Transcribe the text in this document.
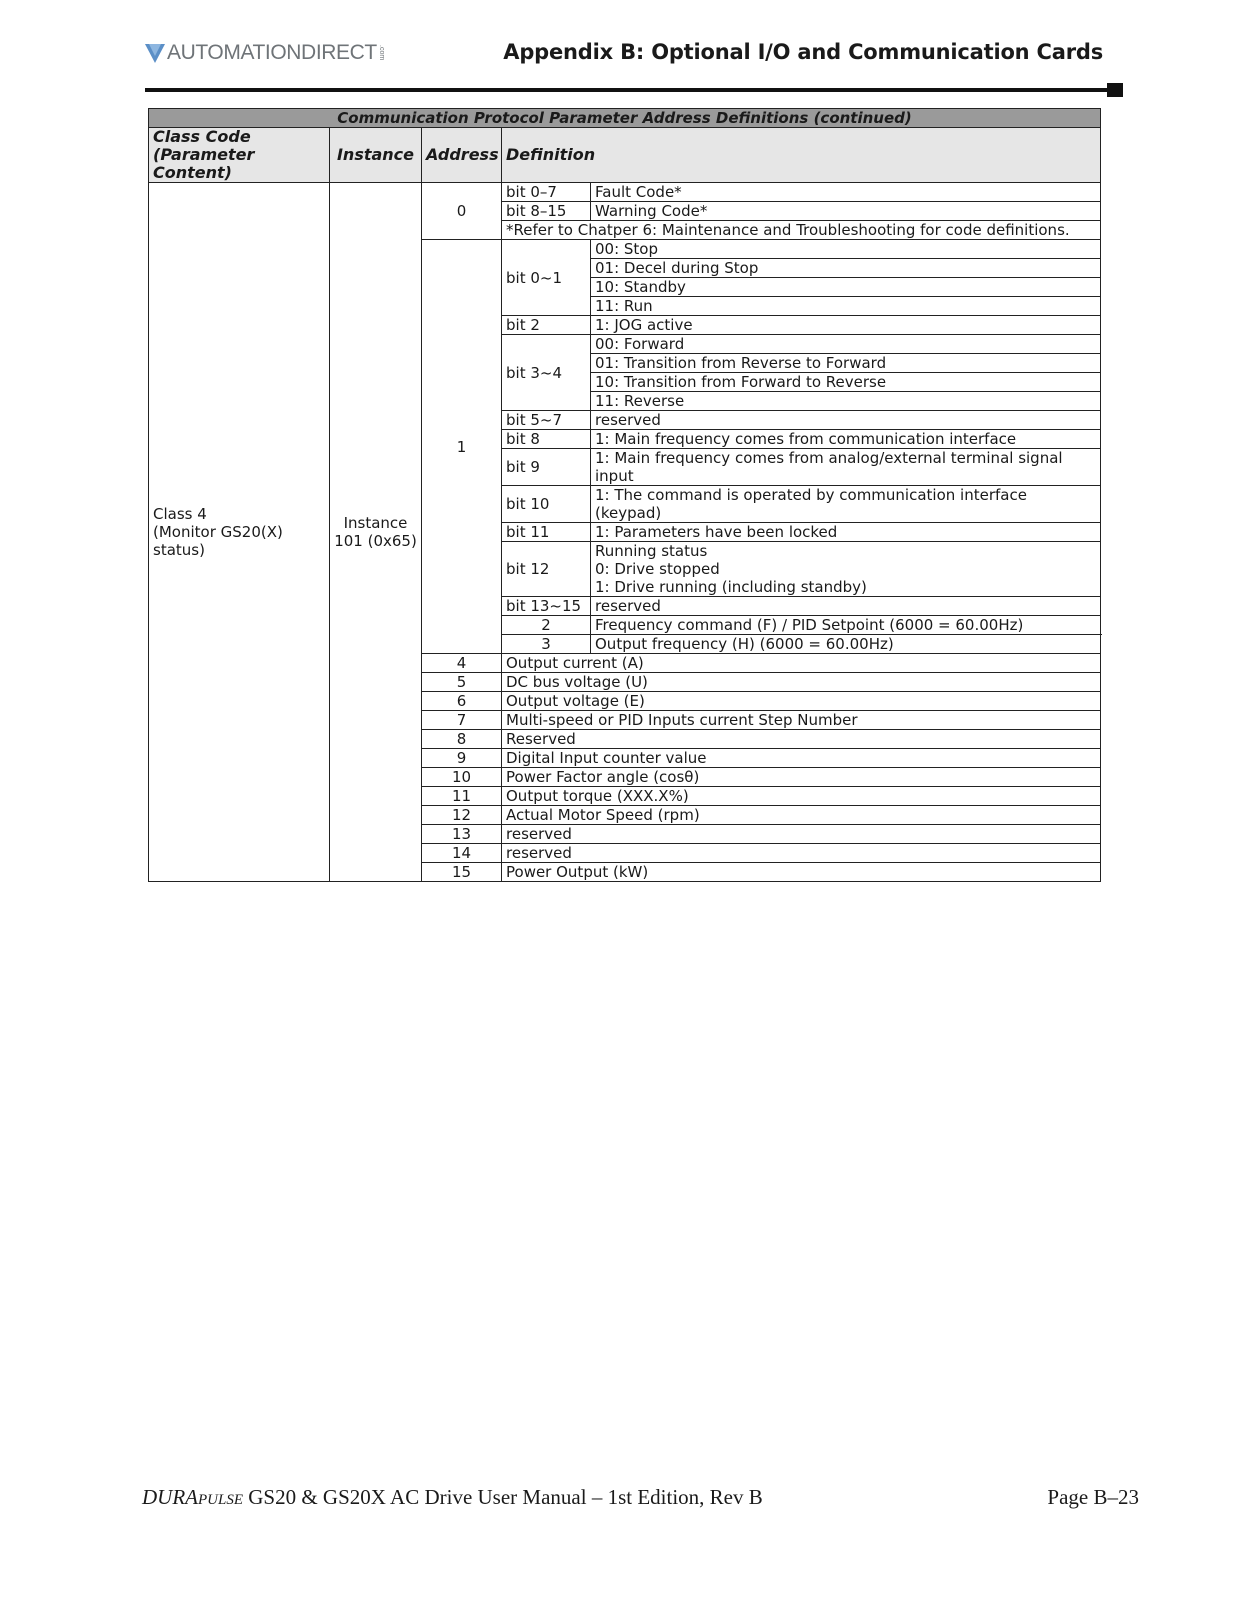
AUTOMATIONDIRECT .com	Appendix B: Optional I/O and Communication Cards
Communication Protocol Parameter Address Definitions (continued)				
Class Code
(Parameter Content)	Instance	Address	Definition	
Class 4
(Monitor GS20(X)
status)	Instance
101 (0x65)	0	bit 0–7	Fault Code*
			bit 8–15	Warning Code*
			*Refer to Chatper 6: Maintenance and Troubleshooting for code definitions.	
		1	bit 0~1	00: Stop
				01: Decel during Stop
				10: Standby
				11: Run
			bit 2	1: JOG active
			bit 3~4	00: Forward
				01: Transition from Reverse to Forward
				10: Transition from Forward to Reverse
				11: Reverse
			bit 5~7	reserved
			bit 8	1: Main frequency comes from communication interface
			bit 9	1: Main frequency comes from analog/external terminal signal
				input
			bit 10	1: The command is operated by communication interface (keypad)
			bit 11	1: Parameters have been locked
			bit 12	Running status
				0: Drive stopped
				1: Drive running (including standby)
			bit 13~15	reserved
			2	Frequency command (F) / PID Setpoint (6000 = 60.00Hz)
			3	Output frequency (H) (6000 = 60.00Hz)
		4	Output current (A)	
		5	DC bus voltage (U)	
		6	Output voltage (E)	
		7	Multi-speed or PID Inputs current Step Number	
		8	Reserved	
		9	Digital Input counter value	
		10	Power Factor angle (cosθ)	
		11	Output torque (XXX.X%)	
		12	Actual Motor Speed (rpm)	
		13	reserved	
		14	reserved	
		15	Power Output (kW)	
DURAPULSE GS20 & GS20X AC Drive User Manual – 1st Edition, Rev B	Page B–23
